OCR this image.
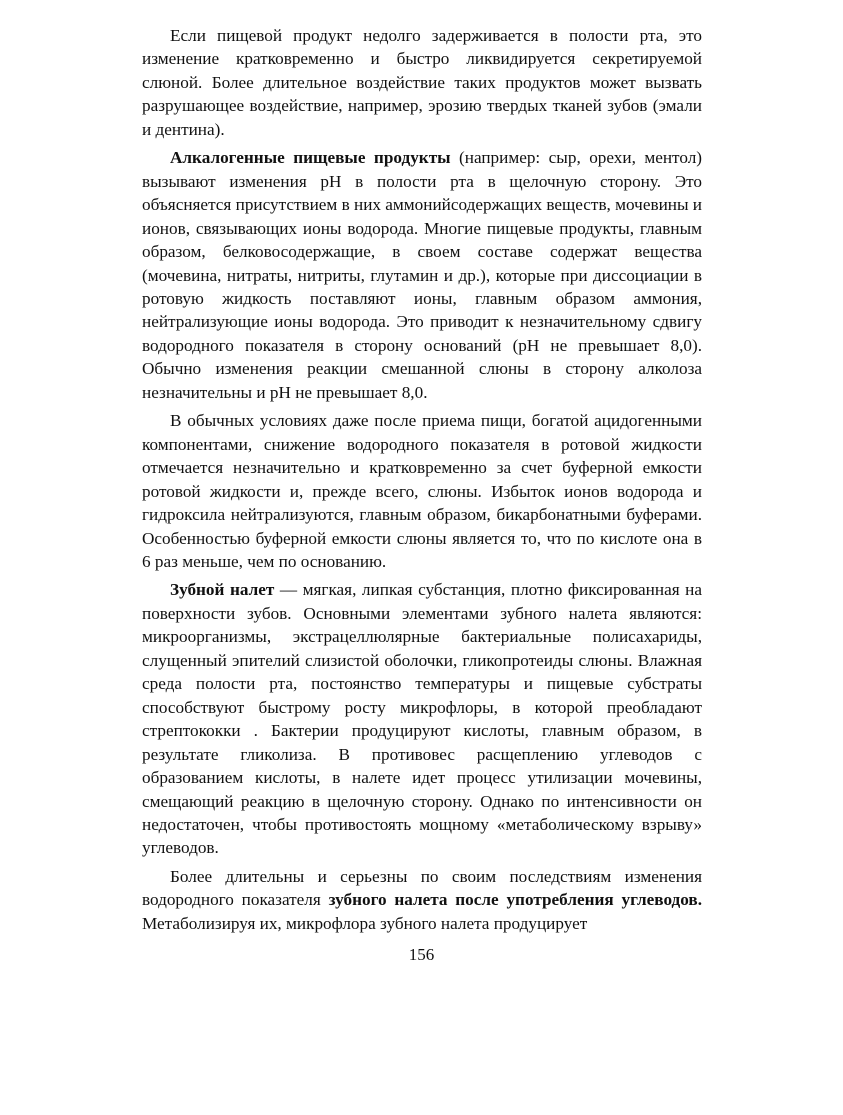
Если пищевой продукт недолго задерживается в полости рта, это изменение кратковременно и быстро ликвидируется секретируемой слюной. Более длительное воздействие таких продуктов может вызвать разрушающее воздействие, например, эрозию твердых тканей зубов (эмали и дентина).

Алкалогенные пищевые продукты (например: сыр, орехи, ментол) вызывают изменения pH в полости рта в щелочную сторону. Это объясняется присутствием в них аммонийсодержащих веществ, мочевины и ионов, связывающих ионы водорода. Многие пищевые продукты, главным образом, белковосодержащие, в своем составе содержат вещества (мочевина, нитраты, нитриты, глутамин и др.), которые при диссоциации в ротовую жидкость поставляют ионы, главным образом аммония, нейтрализующие ионы водорода. Это приводит к незначительному сдвигу водородного показателя в сторону оснований (pH не превышает 8,0). Обычно изменения реакции смешанной слюны в сторону алколоза незначительны и pH не превышает 8,0.

В обычных условиях даже после приема пищи, богатой ацидогенными компонентами, снижение водородного показателя в ротовой жидкости отмечается незначительно и кратковременно за счет буферной емкости ротовой жидкости и, прежде всего, слюны. Избыток ионов водорода и гидроксила нейтрализуются, главным образом, бикарбонатными буферами. Особенностью буферной емкости слюны является то, что по кислоте она в 6 раз меньше, чем по основанию.

Зубной налет — мягкая, липкая субстанция, плотно фиксированная на поверхности зубов. Основными элементами зубного налета являются: микроорганизмы, экстрацеллюлярные бактериальные полисахариды, слущенный эпителий слизистой оболочки, гликопротеиды слюны. Влажная среда полости рта, постоянство температуры и пищевые субстраты способствуют быстрому росту микрофлоры, в которой преобладают стрептококки . Бактерии продуцируют кислоты, главным образом, в результате гликолиза. В противовес расщеплению углеводов с образованием кислоты, в налете идет процесс утилизации мочевины, смещающий реакцию в щелочную сторону. Однако по интенсивности он недостаточен, чтобы противостоять мощному «метаболическому взрыву» углеводов.

Более длительны и серьезны по своим последствиям изменения водородного показателя зубного налета после употребления углеводов. Метаболизируя их, микрофлора зубного налета продуцирует

156
